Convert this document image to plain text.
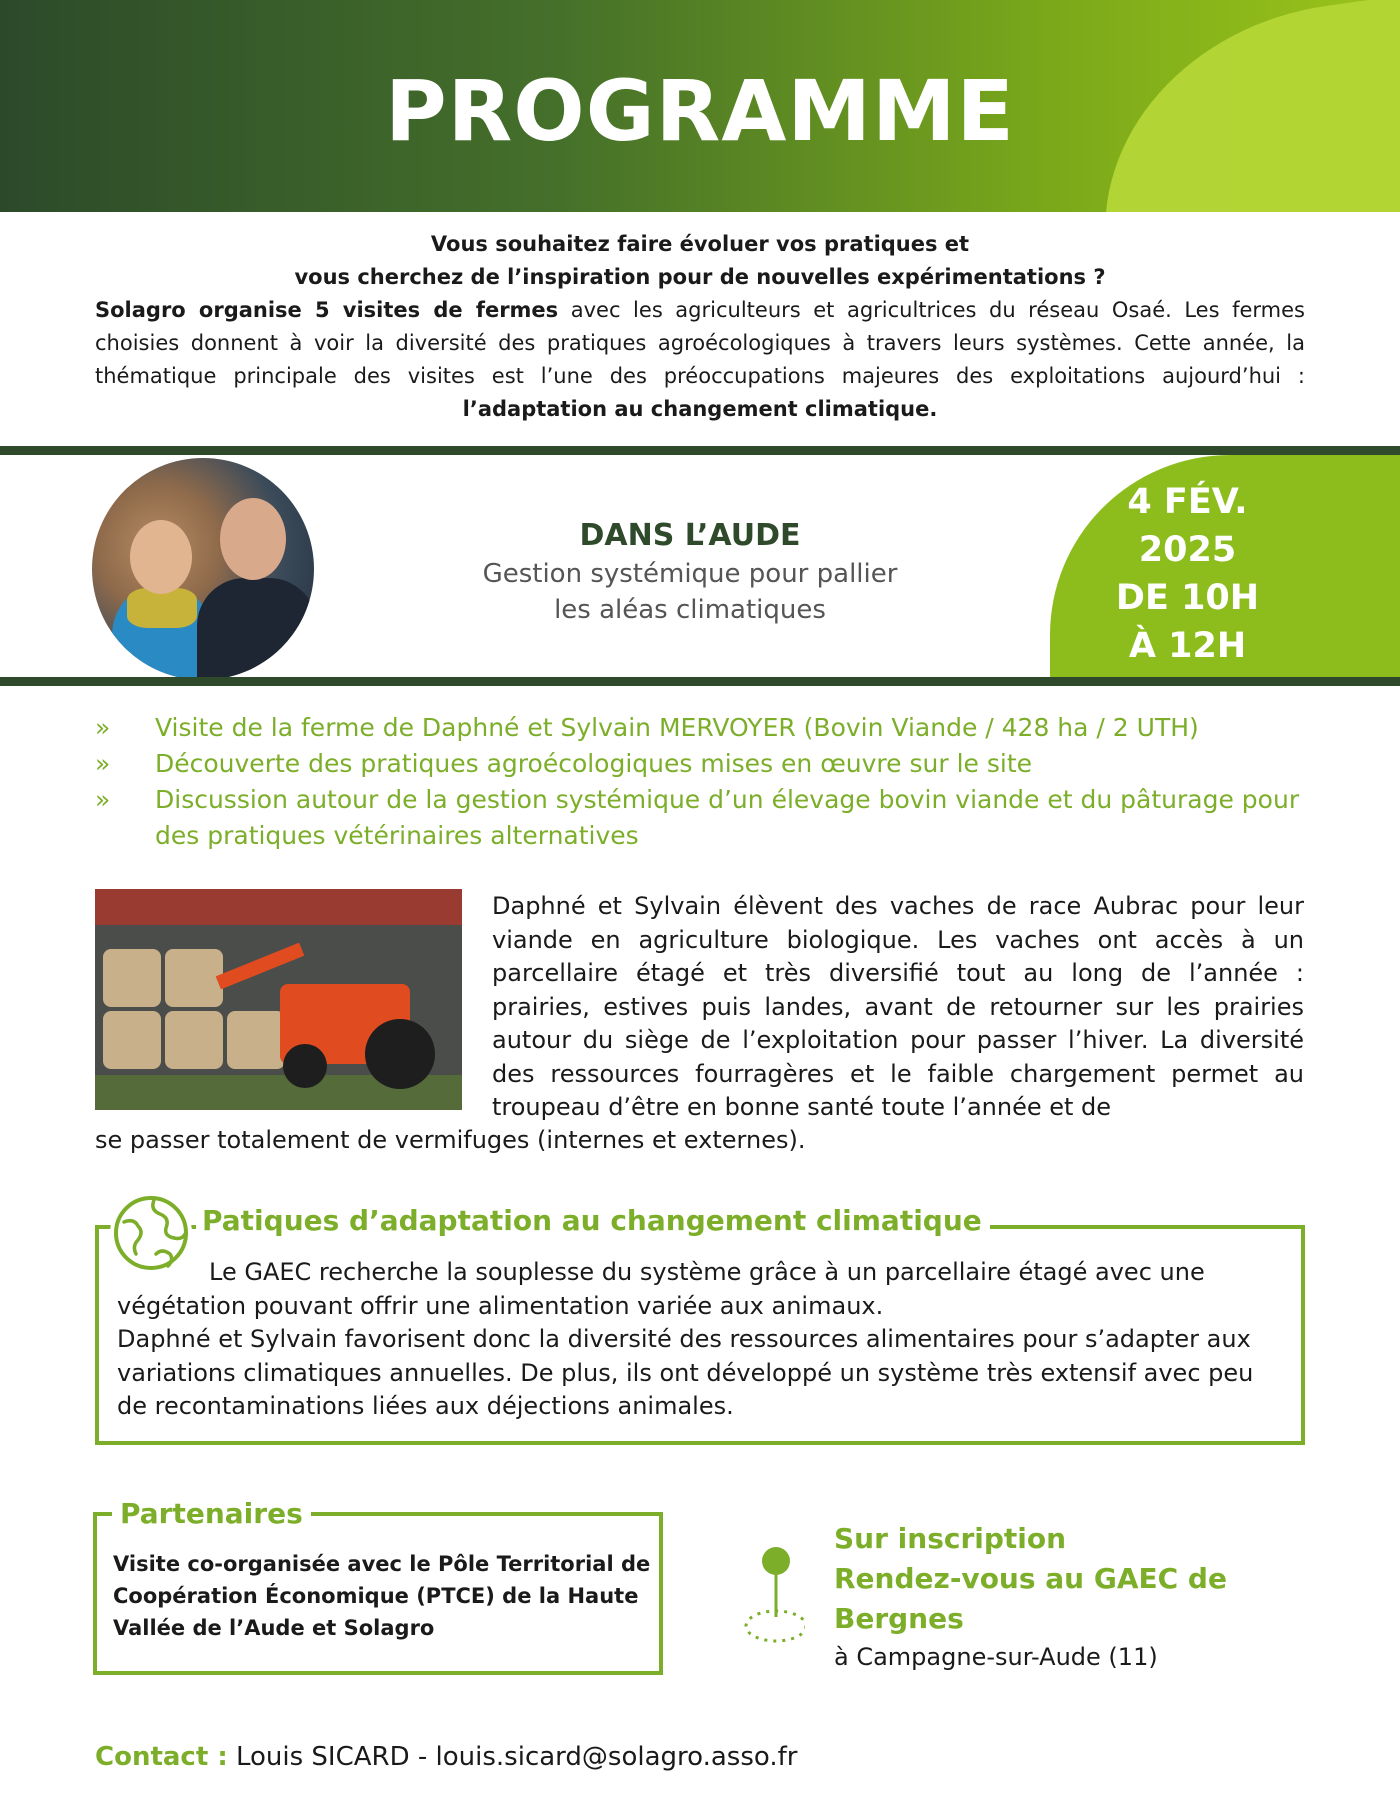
PROGRAMME
Vous souhaitez faire évoluer vos pratiques et
vous cherchez de l’inspiration pour de nouvelles expérimentations ?
Solagro organise 5 visites de fermes avec les agriculteurs et agricultrices du réseau Osaé. Les fermes choisies donnent à voir la diversité des pratiques agroécologiques à travers leurs systèmes. Cette année, la thématique principale des visites est l’une des préoccupations majeures des exploitations aujourd’hui : l’adaptation au changement climatique.
DANS L’AUDE
Gestion systémique pour pallier
les aléas climatiques
4 FÉV.
2025
DE 10H
À 12H
» Visite de la ferme de Daphné et Sylvain MERVOYER (Bovin Viande / 428 ha / 2 UTH)
» Découverte des pratiques agroécologiques mises en œuvre sur le site
» Discussion autour de la gestion systémique d’un élevage bovin viande et du pâturage pour des pratiques vétérinaires alternatives
Daphné et Sylvain élèvent des vaches de race Aubrac pour leur viande en agriculture biologique. Les vaches ont accès à un parcellaire étagé et très diversifié tout au long de l’année : prairies, estives puis landes, avant de retourner sur les prairies autour du siège de l’exploitation pour passer l’hiver. La diversité des ressources fourragères et le faible chargement permet au troupeau d’être en bonne santé toute l’année et de
se passer totalement de vermifuges (internes et externes).
Patiques d’adaptation au changement climatique
Le GAEC recherche la souplesse du système grâce à un parcellaire étagé avec une végétation pouvant offrir une alimentation variée aux animaux.
Daphné et Sylvain favorisent donc la diversité des ressources alimentaires pour s’adapter aux variations climatiques annuelles. De plus, ils ont développé un système très extensif avec peu de recontaminations liées aux déjections animales.
Partenaires
Visite co-organisée avec le Pôle Territorial de Coopération Économique (PTCE) de la Haute Vallée de l’Aude et Solagro
Sur inscription
Rendez-vous au GAEC de
Bergnes
à Campagne-sur-Aude (11)
Contact : Louis SICARD - louis.sicard@solagro.asso.fr
